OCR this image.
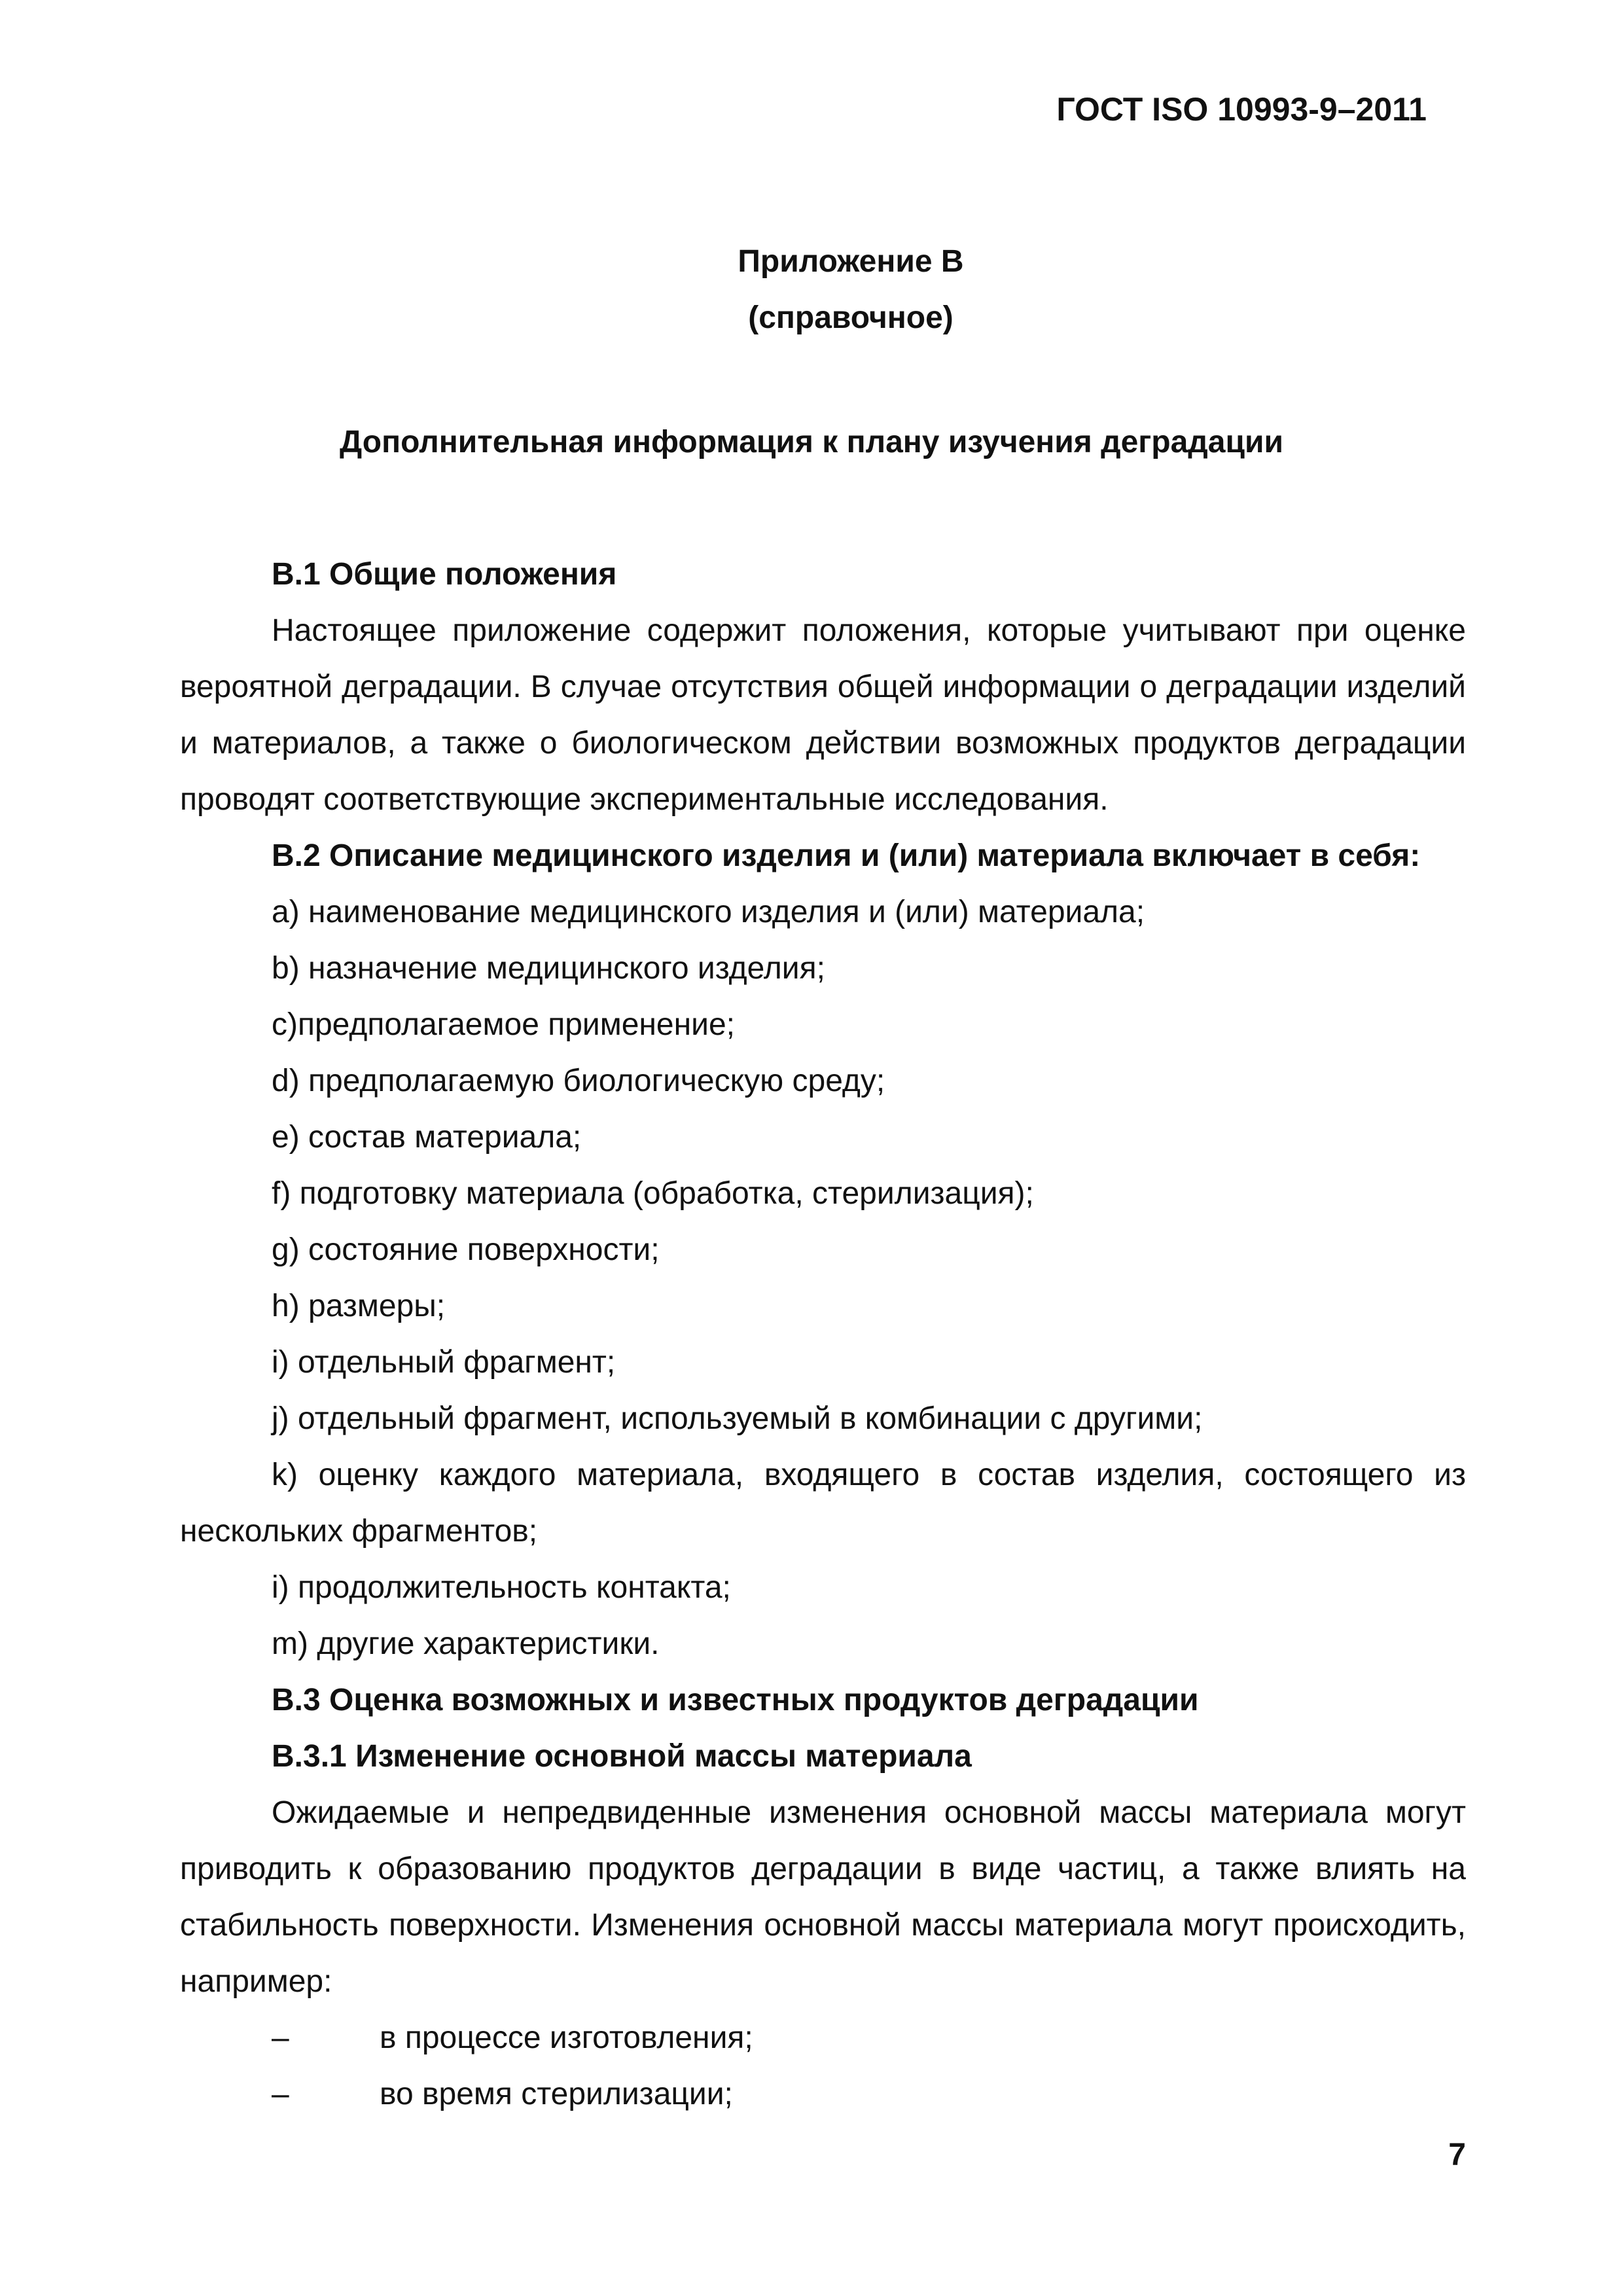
ГОСТ ISO 10993-9–2011
Приложение В
(справочное)
Дополнительная информация к плану изучения деградации

В.1 Общие положения

Настоящее приложение содержит положения, которые учитывают при оценке вероятной деградации. В случае отсутствия общей информации о деградации изделий и материалов, а также о биологическом действии возможных продуктов деградации проводят соответствующие экспериментальные исследования.

В.2 Описание медицинского изделия и (или) материала включает в себя:

а) наименование медицинского изделия и (или) материала;

b) назначение медицинского изделия;

c)предполагаемое применение;

d) предполагаемую биологическую среду;

е) состав материала;

f) подготовку материала (обработка, стерилизация);

g) состояние поверхности;

h) размеры;

i) отдельный фрагмент;

j) отдельный фрагмент, используемый в комбинации с другими;

k) оценку каждого материала, входящего в состав изделия, состоящего из нескольких фрагментов;

i) продолжительность контакта;

m) другие характеристики.

В.3 Оценка возможных и известных продуктов деградации

В.3.1 Изменение основной массы материала

Ожидаемые и непредвиденные изменения основной массы материала могут приводить к образованию продуктов деградации в виде частиц, а также влиять на стабильность поверхности. Изменения основной массы материала могут происходить, например:

–	в процессе изготовления;
–	во время стерилизации;
7
